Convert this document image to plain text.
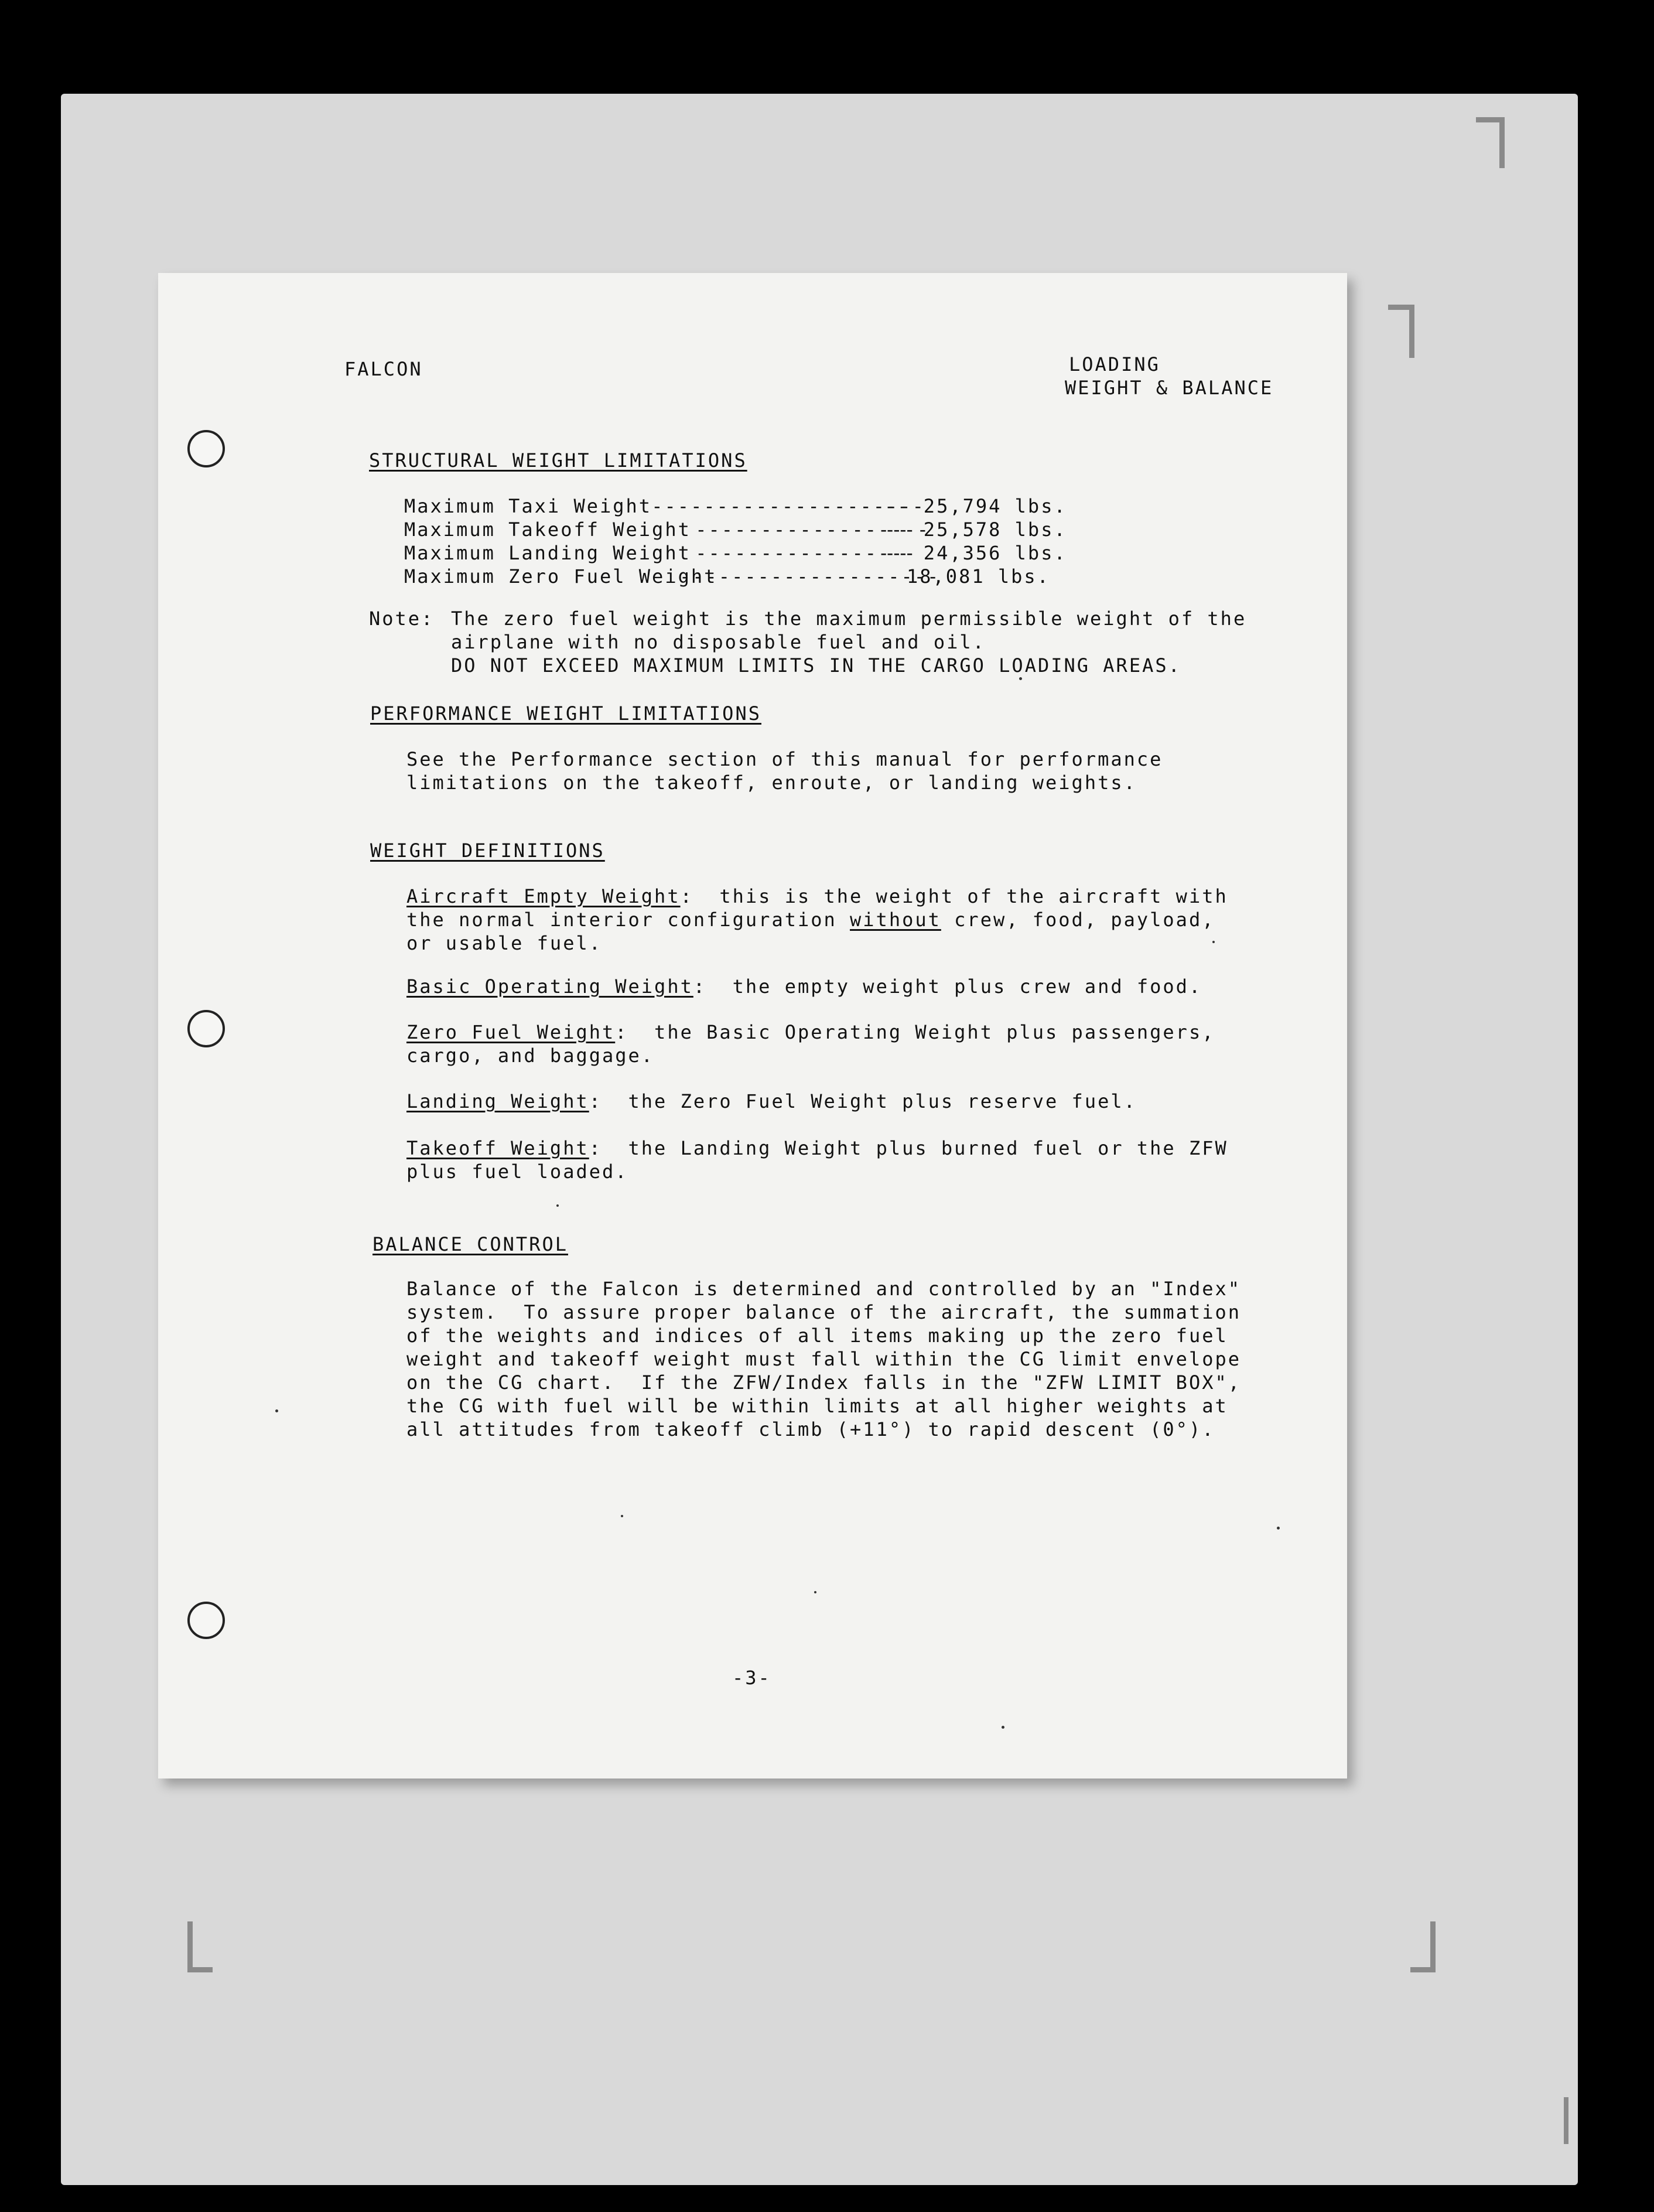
FALCON	LOADING
WEIGHT & BALANCE
STRUCTURAL WEIGHT LIMITATIONS
Maximum Taxi Weight
---------------------
-- 25,794 lbs.
Maximum Takeoff Weight
------------------
-- 25,578 lbs.
Maximum Landing Weight
-----------------
-- 24,356 lbs.
Maximum Zero Fuel Weight
--------------------
18,081 lbs.
Note: The zero fuel weight is the maximum permissible weight of the
airplane with no disposable fuel and oil.
DO NOT EXCEED MAXIMUM LIMITS IN THE CARGO LOADING AREAS.
PERFORMANCE WEIGHT LIMITATIONS
See the Performance section of this manual for performance
limitations on the takeoff, enroute, or landing weights.
WEIGHT DEFINITIONS
Aircraft Empty Weight:  this is the weight of the aircraft with
the normal interior configuration without crew, food, payload,
or usable fuel.
Basic Operating Weight:  the empty weight plus crew and food.
Zero Fuel Weight:  the Basic Operating Weight plus passengers,
cargo, and baggage.
Landing Weight:  the Zero Fuel Weight plus reserve fuel.
Takeoff Weight:  the Landing Weight plus burned fuel or the ZFW
plus fuel loaded.
BALANCE CONTROL
Balance of the Falcon is determined and controlled by an "Index"
system.  To assure proper balance of the aircraft, the summation
of the weights and indices of all items making up the zero fuel
weight and takeoff weight must fall within the CG limit envelope
on the CG chart.  If the ZFW/Index falls in the "ZFW LIMIT BOX",
the CG with fuel will be within limits at all higher weights at
all attitudes from takeoff climb (+11°) to rapid descent (0°).
-3-
